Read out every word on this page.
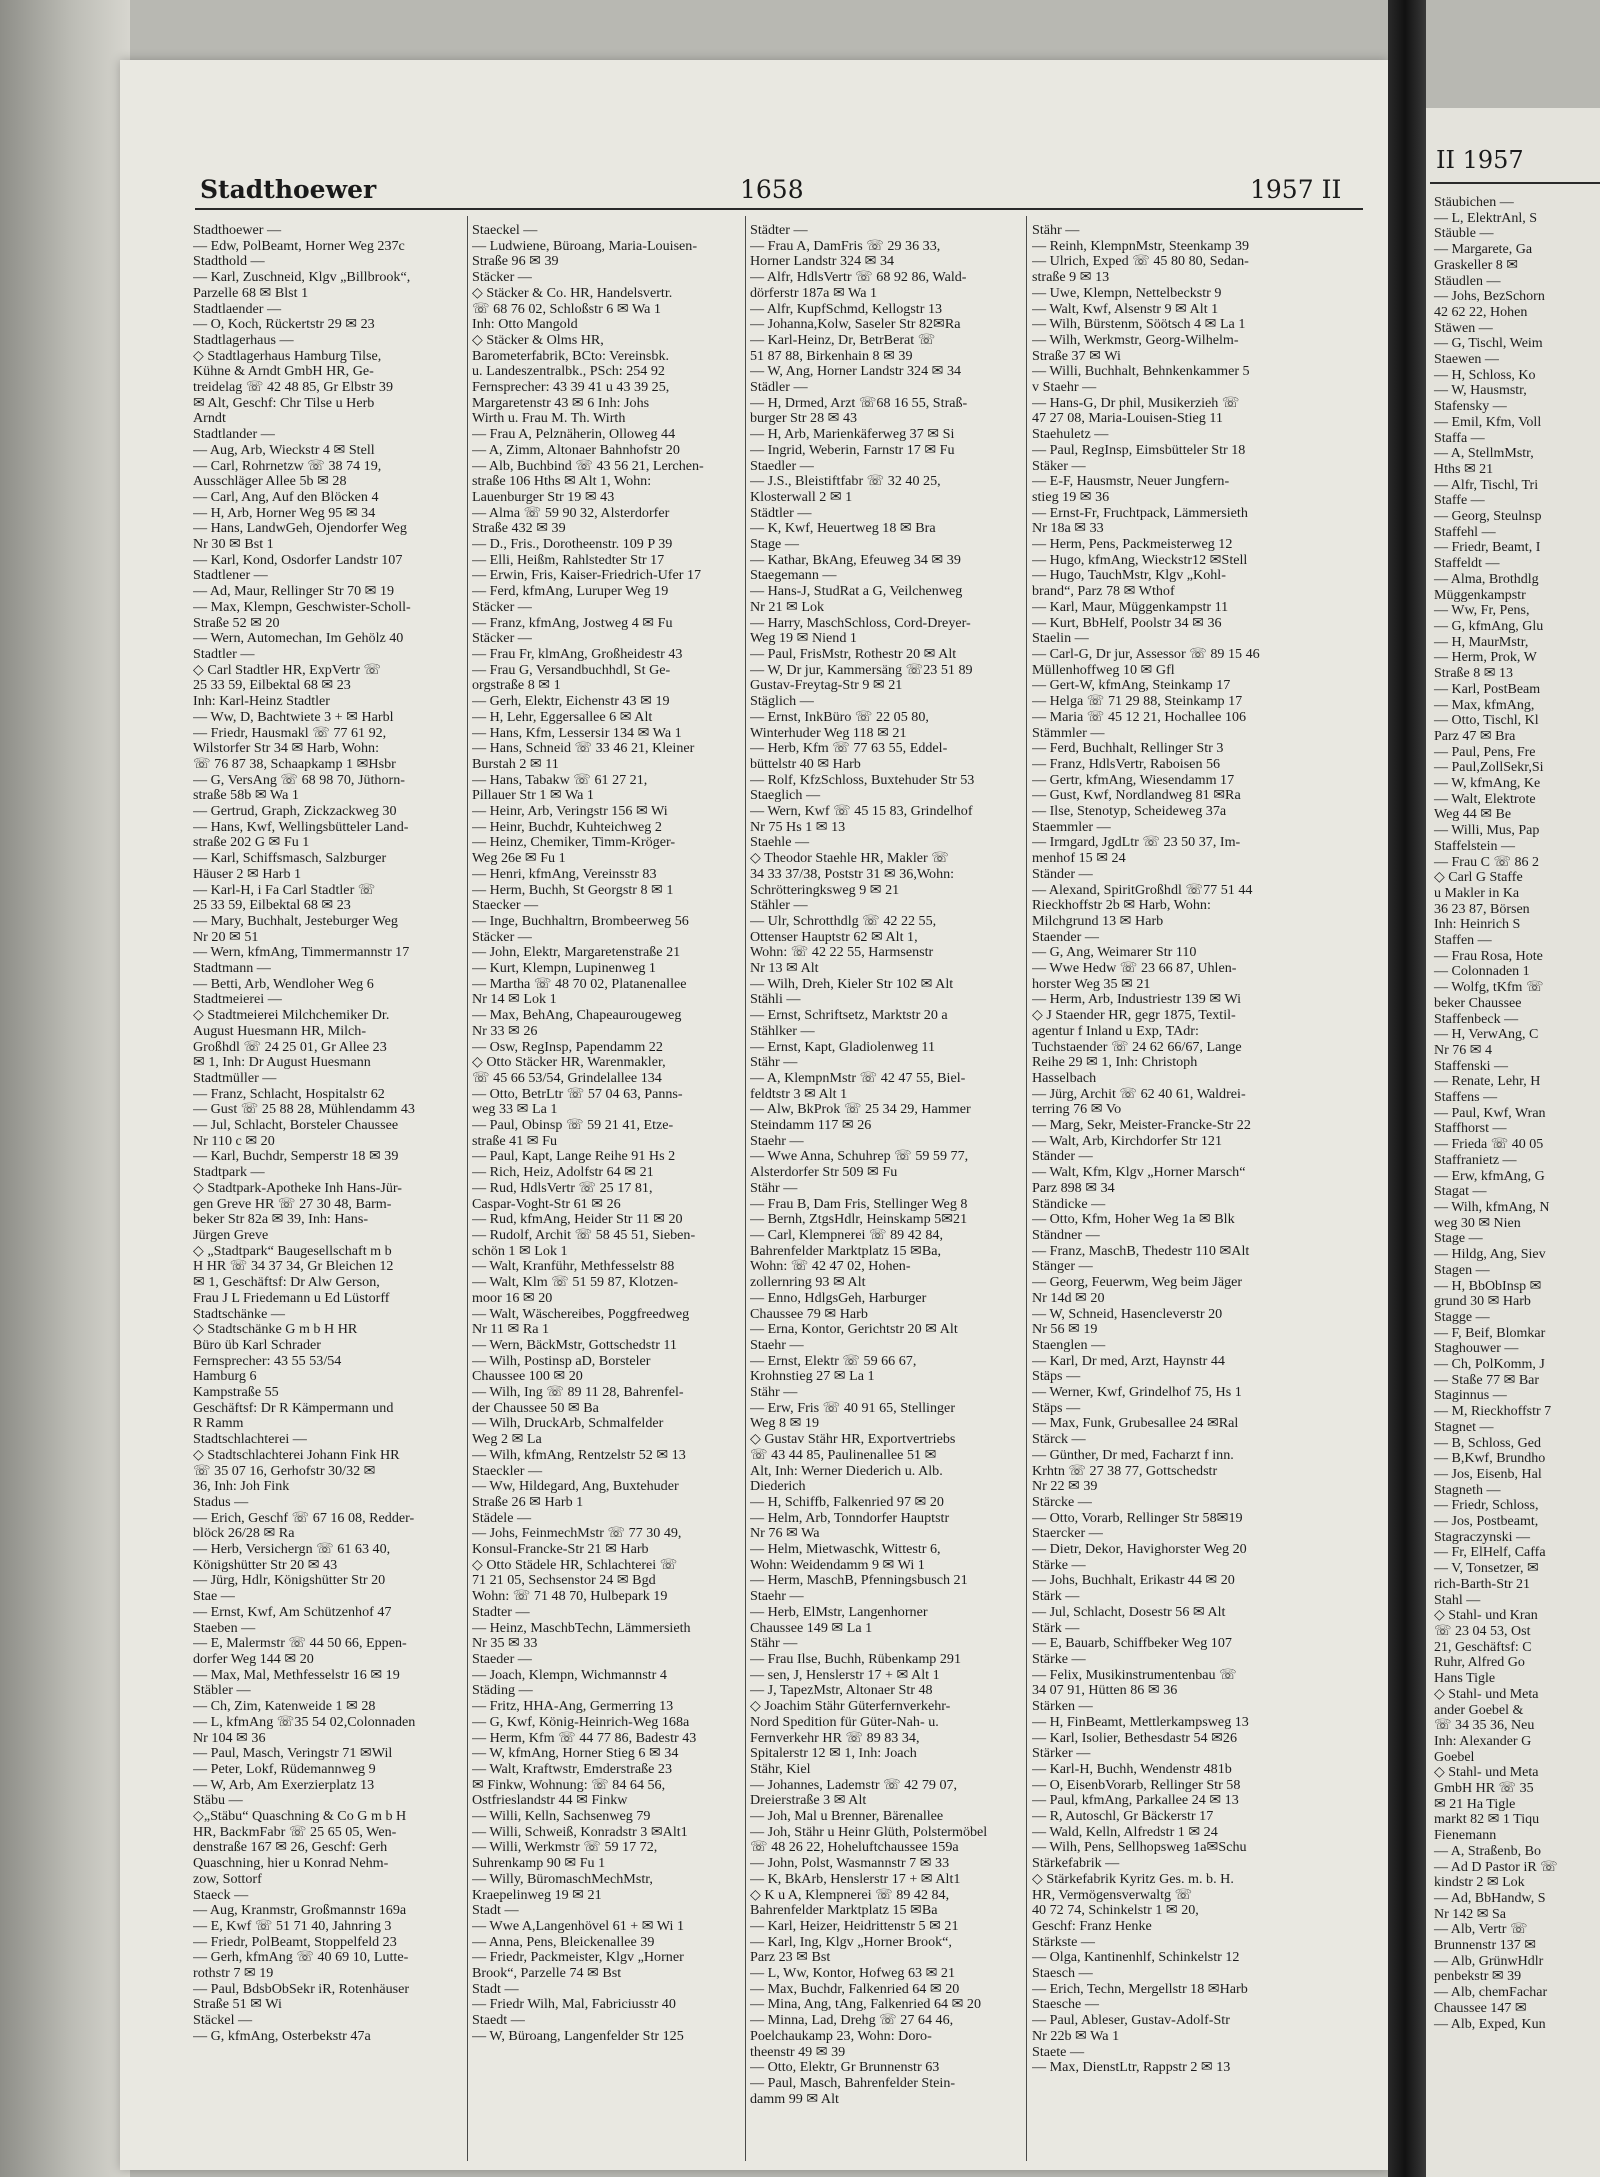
Stadthoewer	1658	1957 II
Stadthoewer —
— Edw, PolBeamt, Horner Weg 237c
Stadthold —
— Karl, Zuschneid, Klgv „Billbrook“,
Parzelle 68 ✉ Blst 1
Stadtlaender —
— O, Koch, Rückertstr 29 ✉ 23
Stadtlagerhaus —
◇ Stadtlagerhaus Hamburg Tilse,
Kühne & Arndt GmbH HR, Ge-
treidelag ☏ 42 48 85, Gr Elbstr 39
✉ Alt, Geschf: Chr Tilse u Herb
Arndt
Stadtlander —
— Aug, Arb, Wieckstr 4 ✉ Stell
— Carl, Rohrnetzw ☏ 38 74 19,
Ausschläger Allee 5b ✉ 28
— Carl, Ang, Auf den Blöcken 4
— H, Arb, Horner Weg 95 ✉ 34
— Hans, LandwGeh, Ojendorfer Weg
Nr 30 ✉ Bst 1
— Karl, Kond, Osdorfer Landstr 107
Stadtlener —
— Ad, Maur, Rellinger Str 70 ✉ 19
— Max, Klempn, Geschwister-Scholl-
Straße 52 ✉ 20
— Wern, Automechan, Im Gehölz 40
Stadtler —
◇ Carl Stadtler HR, ExpVertr ☏
25 33 59, Eilbektal 68 ✉ 23
Inh: Karl-Heinz Stadtler
— Ww, D, Bachtwiete 3 + ✉ Harbl
— Friedr, Hausmakl ☏ 77 61 92,
Wilstorfer Str 34 ✉ Harb, Wohn:
☏ 76 87 38, Schaapkamp 1 ✉Hsbr
— G, VersAng ☏ 68 98 70, Jüthorn-
straße 58b ✉ Wa 1
— Gertrud, Graph, Zickzackweg 30
— Hans, Kwf, Wellingsbütteler Land-
straße 202 G ✉ Fu 1
— Karl, Schiffsmasch, Salzburger
Häuser 2 ✉ Harb 1
— Karl-H, i Fa Carl Stadtler ☏
25 33 59, Eilbektal 68 ✉ 23
— Mary, Buchhalt, Jesteburger Weg
Nr 20 ✉ 51
— Wern, kfmAng, Timmermannstr 17
Stadtmann —
— Betti, Arb, Wendloher Weg 6
Stadtmeierei —
◇ Stadtmeierei Milchchemiker Dr.
August Huesmann HR, Milch-
Großhdl ☏ 24 25 01, Gr Allee 23
✉ 1, Inh: Dr August Huesmann
Stadtmüller —
— Franz, Schlacht, Hospitalstr 62
— Gust ☏ 25 88 28, Mühlendamm 43
— Jul, Schlacht, Borsteler Chaussee
Nr 110 c ✉ 20
— Karl, Buchdr, Semperstr 18 ✉ 39
Stadtpark —
◇ Stadtpark-Apotheke Inh Hans-Jür-
gen Greve HR ☏ 27 30 48, Barm-
beker Str 82a ✉ 39, Inh: Hans-
Jürgen Greve
◇ „Stadtpark“ Baugesellschaft m b
H HR ☏ 34 37 34, Gr Bleichen 12
✉ 1, Geschäftsf: Dr Alw Gerson,
Frau J L Friedemann u Ed Lüstorff
Stadtschänke —
◇ Stadtschänke G m b H HR
Büro üb Karl Schrader
Fernsprecher: 43 55 53/54
Hamburg 6
Kampstraße 55
Geschäftsf: Dr R Kämpermann und
R Ramm
Stadtschlachterei —
◇ Stadtschlachterei Johann Fink HR
☏ 35 07 16, Gerhofstr 30/32 ✉
36, Inh: Joh Fink
Stadus —
— Erich, Geschf ☏ 67 16 08, Redder-
blöck 26/28 ✉ Ra
— Herb, Versichergn ☏ 61 63 40,
Königshütter Str 20 ✉ 43
— Jürg, Hdlr, Königshütter Str 20
Stae —
— Ernst, Kwf, Am Schützenhof 47
Staeben —
— E, Malermstr ☏ 44 50 66, Eppen-
dorfer Weg 144 ✉ 20
— Max, Mal, Methfesselstr 16 ✉ 19
Stäbler —
— Ch, Zim, Katenweide 1 ✉ 28
— L, kfmAng ☏35 54 02,Colonnaden
Nr 104 ✉ 36
— Paul, Masch, Veringstr 71 ✉Wil
— Peter, Lokf, Rüdemannweg 9
— W, Arb, Am Exerzierplatz 13
Stäbu —
◇„Stäbu“ Quaschning & Co G m b H
HR, BackmFabr ☏ 25 65 05, Wen-
denstraße 167 ✉ 26, Geschf: Gerh
Quaschning, hier u Konrad Nehm-
zow, Sottorf
Staeck —
— Aug, Kranmstr, Großmannstr 169a
— E, Kwf ☏ 51 71 40, Jahnring 3
— Friedr, PolBeamt, Stoppelfeld 23
— Gerh, kfmAng ☏ 40 69 10, Lutte-
rothstr 7 ✉ 19
— Paul, BdsbObSekr iR, Rotenhäuser
Straße 51 ✉ Wi
Stäckel —
— G, kfmAng, Osterbekstr 47a
Staeckel —
— Ludwiene, Büroang, Maria-Louisen-
Straße 96 ✉ 39
Stäcker —
◇ Stäcker & Co. HR, Handelsvertr.
☏ 68 76 02, Schloßstr 6 ✉ Wa 1
Inh: Otto Mangold
◇ Stäcker & Olms HR,
Barometerfabrik, BCto: Vereinsbk.
u. Landeszentralbk., PSch: 254 92
Fernsprecher: 43 39 41 u 43 39 25,
Margaretenstr 43 ✉ 6 Inh: Johs
Wirth u. Frau M. Th. Wirth
— Frau A, Pelznäherin, Olloweg 44
— A, Zimm, Altonaer Bahnhofstr 20
— Alb, Buchbind ☏ 43 56 21, Lerchen-
straße 106 Hths ✉ Alt 1, Wohn:
Lauenburger Str 19 ✉ 43
— Alma ☏ 59 90 32, Alsterdorfer
Straße 432 ✉ 39
— D., Fris., Dorotheenstr. 109 P 39
— Elli, Heißm, Rahlstedter Str 17
— Erwin, Fris, Kaiser-Friedrich-Ufer 17
— Ferd, kfmAng, Luruper Weg 19
Stäcker —
— Franz, kfmAng, Jostweg 4 ✉ Fu
Stäcker —
— Frau Fr, klmAng, Großheidestr 43
— Frau G, Versandbuchhdl, St Ge-
orgstraße 8 ✉ 1
— Gerh, Elektr, Eichenstr 43 ✉ 19
— H, Lehr, Eggersallee 6 ✉ Alt
— Hans, Kfm, Lessersir 134 ✉ Wa 1
— Hans, Schneid ☏ 33 46 21, Kleiner
Burstah 2 ✉ 11
— Hans, Tabakw ☏ 61 27 21,
Pillauer Str 1 ✉ Wa 1
— Heinr, Arb, Veringstr 156 ✉ Wi
— Heinr, Buchdr, Kuhteichweg 2
— Heinz, Chemiker, Timm-Kröger-
Weg 26e ✉ Fu 1
— Henri, kfmAng, Vereinsstr 83
— Herm, Buchh, St Georgstr 8 ✉ 1
Staecker —
— Inge, Buchhaltrn, Brombeerweg 56
Stäcker —
— John, Elektr, Margaretenstraße 21
— Kurt, Klempn, Lupinenweg 1
— Martha ☏ 48 70 02, Platanenallee
Nr 14 ✉ Lok 1
— Max, BehAng, Chapeaurougeweg
Nr 33 ✉ 26
— Osw, RegInsp, Papendamm 22
◇ Otto Stäcker HR, Warenmakler,
☏ 45 66 53/54, Grindelallee 134
— Otto, BetrLtr ☏ 57 04 63, Panns-
weg 33 ✉ La 1
— Paul, Obinsp ☏ 59 21 41, Etze-
straße 41 ✉ Fu
— Paul, Kapt, Lange Reihe 91 Hs 2
— Rich, Heiz, Adolfstr 64 ✉ 21
— Rud, HdlsVertr ☏ 25 17 81,
Caspar-Voght-Str 61 ✉ 26
— Rud, kfmAng, Heider Str 11 ✉ 20
— Rudolf, Archit ☏ 58 45 51, Sieben-
schön 1 ✉ Lok 1
— Walt, Kranführ, Methfesselstr 88
— Walt, Klm ☏ 51 59 87, Klotzen-
moor 16 ✉ 20
— Walt, Wäschereibes, Poggfreedweg
Nr 11 ✉ Ra 1
— Wern, BäckMstr, Gottschedstr 11
— Wilh, Postinsp aD, Borsteler
Chaussee 100 ✉ 20
— Wilh, Ing ☏ 89 11 28, Bahrenfel-
der Chaussee 50 ✉ Ba
— Wilh, DruckArb, Schmalfelder
Weg 2 ✉ La
— Wilh, kfmAng, Rentzelstr 52 ✉ 13
Staeckler —
— Ww, Hildegard, Ang, Buxtehuder
Straße 26 ✉ Harb 1
Städele —
— Johs, FeinmechMstr ☏ 77 30 49,
Konsul-Francke-Str 21 ✉ Harb
◇ Otto Städele HR, Schlachterei ☏
71 21 05, Sechsenstor 24 ✉ Bgd
Wohn: ☏ 71 48 70, Hulbepark 19
Stadter —
— Heinz, MaschbTechn, Lämmersieth
Nr 35 ✉ 33
Staeder —
— Joach, Klempn, Wichmannstr 4
Städing —
— Fritz, HHA-Ang, Germerring 13
— G, Kwf, König-Heinrich-Weg 168a
— Herm, Kfm ☏ 44 77 86, Badestr 43
— W, kfmAng, Horner Stieg 6 ✉ 34
— Walt, Kraftwstr, Emderstraße 23
✉ Finkw, Wohnung: ☏ 84 64 56,
Ostfrieslandstr 44 ✉ Finkw
— Willi, Kelln, Sachsenweg 79
— Willi, Schweiß, Konradstr 3 ✉Alt1
— Willi, Werkmstr ☏ 59 17 72,
Suhrenkamp 90 ✉ Fu 1
— Willy, BüromaschMechMstr,
Kraepelinweg 19 ✉ 21
Stadt —
— Wwe A,Langenhövel 61 + ✉ Wi 1
— Anna, Pens, Bleickenallee 39
— Friedr, Packmeister, Klgv „Horner
Brook“, Parzelle 74 ✉ Bst
Stadt —
— Friedr Wilh, Mal, Fabriciusstr 40
Staedt —
— W, Büroang, Langenfelder Str 125
Städter —
— Frau A, DamFris ☏ 29 36 33,
Horner Landstr 324 ✉ 34
— Alfr, HdlsVertr ☏ 68 92 86, Wald-
dörferstr 187a ✉ Wa 1
— Alfr, KupfSchmd, Kellogstr 13
— Johanna,Kolw, Saseler Str 82✉Ra
— Karl-Heinz, Dr, BetrBerat ☏
51 87 88, Birkenhain 8 ✉ 39
— W, Ang, Horner Landstr 324 ✉ 34
Städler —
— H, Drmed, Arzt ☏68 16 55, Straß-
burger Str 28 ✉ 43
— H, Arb, Marienkäferweg 37 ✉ Si
— Ingrid, Weberin, Farnstr 17 ✉ Fu
Staedler —
— J.S., Bleistiftfabr ☏ 32 40 25,
Klosterwall 2 ✉ 1
Städtler —
— K, Kwf, Heuertweg 18 ✉ Bra
Stage —
— Kathar, BkAng, Efeuweg 34 ✉ 39
Staegemann —
— Hans-J, StudRat a G, Veilchenweg
Nr 21 ✉ Lok
— Harry, MaschSchloss, Cord-Dreyer-
Weg 19 ✉ Niend 1
— Paul, FrisMstr, Rothestr 20 ✉ Alt
— W, Dr jur, Kammersäng ☏23 51 89
Gustav-Freytag-Str 9 ✉ 21
Stäglich —
— Ernst, InkBüro ☏ 22 05 80,
Winterhuder Weg 118 ✉ 21
— Herb, Kfm ☏ 77 63 55, Eddel-
büttelstr 40 ✉ Harb
— Rolf, KfzSchloss, Buxtehuder Str 53
Staeglich —
— Wern, Kwf ☏ 45 15 83, Grindelhof
Nr 75 Hs 1 ✉ 13
Staehle —
◇ Theodor Staehle HR, Makler ☏
34 33 37/38, Poststr 31 ✉ 36,Wohn:
Schrötteringksweg 9 ✉ 21
Stähler —
— Ulr, Schrotthdlg ☏ 42 22 55,
Ottenser Hauptstr 62 ✉ Alt 1,
Wohn: ☏ 42 22 55, Harmsenstr
Nr 13 ✉ Alt
— Wilh, Dreh, Kieler Str 102 ✉ Alt
Stähli —
— Ernst, Schriftsetz, Marktstr 20 a
Stählker —
— Ernst, Kapt, Gladiolenweg 11
Stähr —
— A, KlempnMstr ☏ 42 47 55, Biel-
feldtstr 3 ✉ Alt 1
— Alw, BkProk ☏ 25 34 29, Hammer
Steindamm 117 ✉ 26
Staehr —
— Wwe Anna, Schuhrep ☏ 59 59 77,
Alsterdorfer Str 509 ✉ Fu
Stähr —
— Frau B, Dam Fris, Stellinger Weg 8
— Bernh, ZtgsHdlr, Heinskamp 5✉21
— Carl, Klempnerei ☏ 89 42 84,
Bahrenfelder Marktplatz 15 ✉Ba,
Wohn: ☏ 42 47 02, Hohen-
zollernring 93 ✉ Alt
— Enno, HdlgsGeh, Harburger
Chaussee 79 ✉ Harb
— Erna, Kontor, Gerichtstr 20 ✉ Alt
Staehr —
— Ernst, Elektr ☏ 59 66 67,
Krohnstieg 27 ✉ La 1
Stähr —
— Erw, Fris ☏ 40 91 65, Stellinger
Weg 8 ✉ 19
◇ Gustav Stähr HR, Exportvertriebs
☏ 43 44 85, Paulinenallee 51 ✉
Alt, Inh: Werner Diederich u. Alb.
Diederich
— H, Schiffb, Falkenried 97 ✉ 20
— Helm, Arb, Tonndorfer Hauptstr
Nr 76 ✉ Wa
— Helm, Mietwaschk, Wittestr 6,
Wohn: Weidendamm 9 ✉ Wi 1
— Herm, MaschB, Pfenningsbusch 21
Staehr —
— Herb, ElMstr, Langenhorner
Chaussee 149 ✉ La 1
Stähr —
— Frau Ilse, Buchh, Rübenkamp 291
— sen, J, Henslerstr 17 + ✉ Alt 1
— J, TapezMstr, Altonaer Str 48
◇ Joachim Stähr Güterfernverkehr-
Nord Spedition für Güter-Nah- u.
Fernverkehr HR ☏ 89 83 34,
Spitalerstr 12 ✉ 1, Inh: Joach
Stähr, Kiel
— Johannes, Lademstr ☏ 42 79 07,
Dreierstraße 3 ✉ Alt
— Joh, Mal u Brenner, Bärenallee
— Joh, Stähr u Heinr Glüth, Polstermöbel
☏ 48 26 22, Hoheluftchaussee 159a
— John, Polst, Wasmannstr 7 ✉ 33
— K, BkArb, Henslerstr 17 + ✉ Alt1
◇ K u A, Klempnerei ☏ 89 42 84,
Bahrenfelder Marktplatz 15 ✉Ba
— Karl, Heizer, Heidrittenstr 5 ✉ 21
— Karl, Ing, Klgv „Horner Brook“,
Parz 23 ✉ Bst
— L, Ww, Kontor, Hofweg 63 ✉ 21
— Max, Buchdr, Falkenried 64 ✉ 20
— Mina, Ang, tAng, Falkenried 64 ✉ 20
— Minna, Lad, Drehg ☏ 27 64 46,
Poelchaukamp 23, Wohn: Doro-
theenstr 49 ✉ 39
— Otto, Elektr, Gr Brunnenstr 63
— Paul, Masch, Bahrenfelder Stein-
damm 99 ✉ Alt
Stähr —
— Reinh, KlempnMstr, Steenkamp 39
— Ulrich, Exped ☏ 45 80 80, Sedan-
straße 9 ✉ 13
— Uwe, Klempn, Nettelbeckstr 9
— Walt, Kwf, Alsenstr 9 ✉ Alt 1
— Wilh, Bürstenm, Söötsch 4 ✉ La 1
— Wilh, Werkmstr, Georg-Wilhelm-
Straße 37 ✉ Wi
— Willi, Buchhalt, Behnkenkammer 5
v Staehr —
— Hans-G, Dr phil, Musikerzieh ☏
47 27 08, Maria-Louisen-Stieg 11
Staehuletz —
— Paul, RegInsp, Eimsbütteler Str 18
Stäker —
— E-F, Hausmstr, Neuer Jungfern-
stieg 19 ✉ 36
— Ernst-Fr, Fruchtpack, Lämmersieth
Nr 18a ✉ 33
— Herm, Pens, Packmeisterweg 12
— Hugo, kfmAng, Wieckstr12 ✉Stell
— Hugo, TauchMstr, Klgv „Kohl-
brand“, Parz 78 ✉ Wthof
— Karl, Maur, Müggenkampstr 11
— Kurt, BbHelf, Poolstr 34 ✉ 36
Staelin —
— Carl-G, Dr jur, Assessor ☏ 89 15 46
Müllenhoffweg 10 ✉ Gfl
— Gert-W, kfmAng, Steinkamp 17
— Helga ☏ 71 29 88, Steinkamp 17
— Maria ☏ 45 12 21, Hochallee 106
Stämmler —
— Ferd, Buchhalt, Rellinger Str 3
— Franz, HdlsVertr, Raboisen 56
— Gertr, kfmAng, Wiesendamm 17
— Gust, Kwf, Nordlandweg 81 ✉Ra
— Ilse, Stenotyp, Scheideweg 37a
Staemmler —
— Irmgard, JgdLtr ☏ 23 50 37, Im-
menhof 15 ✉ 24
Ständer —
— Alexand, SpiritGroßhdl ☏77 51 44
Rieckhoffstr 2b ✉ Harb, Wohn:
Milchgrund 13 ✉ Harb
Staender —
— G, Ang, Weimarer Str 110
— Wwe Hedw ☏ 23 66 87, Uhlen-
horster Weg 35 ✉ 21
— Herm, Arb, Industriestr 139 ✉ Wi
◇ J Staender HR, gegr 1875, Textil-
agentur f Inland u Exp, TAdr:
Tuchstaender ☏ 24 62 66/67, Lange
Reihe 29 ✉ 1, Inh: Christoph
Hasselbach
— Jürg, Archit ☏ 62 40 61, Waldrei-
terring 76 ✉ Vo
— Marg, Sekr, Meister-Francke-Str 22
— Walt, Arb, Kirchdorfer Str 121
Ständer —
— Walt, Kfm, Klgv „Horner Marsch“
Parz 898 ✉ 34
Ständicke —
— Otto, Kfm, Hoher Weg 1a ✉ Blk
Ständner —
— Franz, MaschB, Thedestr 110 ✉Alt
Stänger —
— Georg, Feuerwm, Weg beim Jäger
Nr 14d ✉ 20
— W, Schneid, Hasencleverstr 20
Nr 56 ✉ 19
Staenglen —
— Karl, Dr med, Arzt, Haynstr 44
Stäps —
— Werner, Kwf, Grindelhof 75, Hs 1
Stäps —
— Max, Funk, Grubesallee 24 ✉Ral
Stärck —
— Günther, Dr med, Facharzt f inn.
Krhtn ☏ 27 38 77, Gottschedstr
Nr 22 ✉ 39
Stärcke —
— Otto, Vorarb, Rellinger Str 58✉19
Staercker —
— Dietr, Dekor, Havighorster Weg 20
Stärke —
— Johs, Buchhalt, Erikastr 44 ✉ 20
Stärk —
— Jul, Schlacht, Dosestr 56 ✉ Alt
Stärk —
— E, Bauarb, Schiffbeker Weg 107
Stärke —
— Felix, Musikinstrumentenbau ☏
34 07 91, Hütten 86 ✉ 36
Stärken —
— H, FinBeamt, Mettlerkampsweg 13
— Karl, Isolier, Bethesdastr 54 ✉26
Stärker —
— Karl-H, Buchh, Wendenstr 481b
— O, EisenbVorarb, Rellinger Str 58
— Paul, kfmAng, Parkallee 24 ✉ 13
— R, Autoschl, Gr Bäckerstr 17
— Wald, Kelln, Alfredstr 1 ✉ 24
— Wilh, Pens, Sellhopsweg 1a✉Schu
Stärkefabrik —
◇ Stärkefabrik Kyritz Ges. m. b. H.
HR, Vermögensverwaltg ☏
40 72 74, Schinkelstr 1 ✉ 20,
Geschf: Franz Henke
Stärkste —
— Olga, Kantinenhlf, Schinkelstr 12
Staesch —
— Erich, Techn, Mergellstr 18 ✉Harb
Staesche —
— Paul, Ableser, Gustav-Adolf-Str
Nr 22b ✉ Wa 1
Staete —
— Max, DienstLtr, Rappstr 2 ✉ 13
II 1957
Stäubichen —
— L, ElektrAnl, S
Stäuble —
— Margarete, Ga
Graskeller 8 ✉
Stäudlen —
— Johs, BezSchorn
42 62 22, Hohen
Stäwen —
— G, Tischl, Weim
Staewen —
— H, Schloss, Ko
— W, Hausmstr,
Stafensky —
— Emil, Kfm, Voll
Staffa —
— A, StellmMstr,
Hths ✉ 21
— Alfr, Tischl, Tri
Staffe —
— Georg, Steulnsp
Staffehl —
— Friedr, Beamt, I
Staffeldt —
— Alma, Brothdlg
Müggenkampstr
— Ww, Fr, Pens,
— G, kfmAng, Glu
— H, MaurMstr,
— Herm, Prok, W
Straße 8 ✉ 13
— Karl, PostBeam
— Max, kfmAng,
— Otto, Tischl, Kl
Parz 47 ✉ Bra
— Paul, Pens, Fre
— Paul,ZollSekr,Si
— W, kfmAng, Ke
— Walt, Elektrote
Weg 44 ✉ Be
— Willi, Mus, Pap
Staffelstein —
— Frau C ☏ 86 2
◇ Carl G Staffe
u Makler in Ka
36 23 87, Börsen
Inh: Heinrich S
Staffen —
— Frau Rosa, Hote
— Colonnaden 1
— Wolfg, tKfm ☏
beker Chaussee
Staffenbeck —
— H, VerwAng, C
Nr 76 ✉ 4
Staffenski —
— Renate, Lehr, H
Staffens —
— Paul, Kwf, Wran
Staffhorst —
— Frieda ☏ 40 05
Staffranietz —
— Erw, kfmAng, G
Stagat —
— Wilh, kfmAng, N
weg 30 ✉ Nien
Stage —
— Hildg, Ang, Siev
Stagen —
— H, BbObInsp ✉
grund 30 ✉ Harb
Stagge —
— F, Beif, Blomkar
Staghouwer —
— Ch, PolKomm, J
— Staße 77 ✉ Bar
Staginnus —
— M, Rieckhoffstr 7
Stagnet —
— B, Schloss, Ged
— B,Kwf, Brundho
— Jos, Eisenb, Hal
Stagneth —
— Friedr, Schloss,
— Jos, Postbeamt,
Stagraczynski —
— Fr, ElHelf, Caffa
— V, Tonsetzer, ✉
rich-Barth-Str 21
Stahl —
◇ Stahl- und Kran
☏ 23 04 53, Ost
21, Geschäftsf: C
Ruhr, Alfred Go
Hans Tigle
◇ Stahl- und Meta
ander Goebel &
☏ 34 35 36, Neu
Inh: Alexander G
Goebel
◇ Stahl- und Meta
GmbH HR ☏ 35
✉ 21 Ha Tigle
markt 82 ✉ 1 Tiqu
Fienemann
— A, Straßenb, Bo
— Ad D Pastor iR ☏
kindstr 2 ✉ Lok
— Ad, BbHandw, S
Nr 142 ✉ Sa
— Alb, Vertr ☏
Brunnenstr 137 ✉
— Alb, GrünwHdlr
penbekstr ✉ 39
— Alb, chemFachar
Chaussee 147 ✉
— Alb, Exped, Kun
